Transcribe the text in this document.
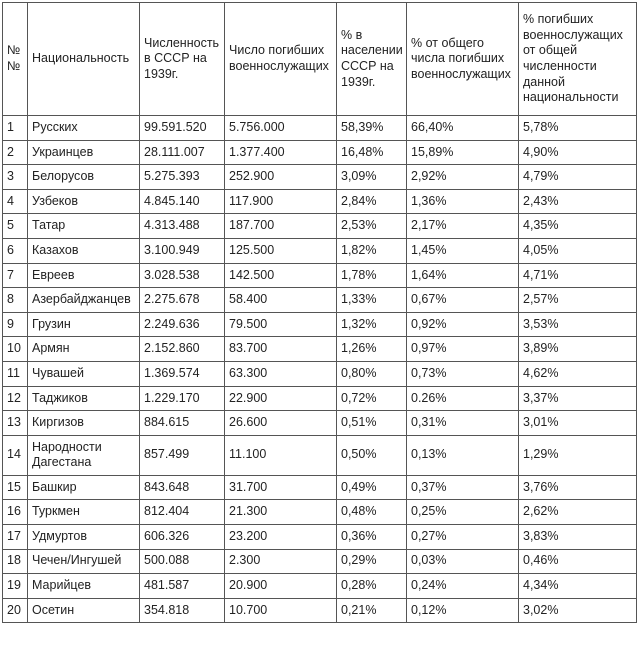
№ №	Национальность	Численность в СССР на 1939г.	Число погибших военнослужащих	% в населении СССР на 1939г.	% от общего числа погибших военнослужащих	% погибших военнослужащих от общей численности данной национальности
1	Русских	99.591.520	5.756.000	58,39%	66,40%	5,78%
2	Украинцев	28.111.007	1.377.400	16,48%	15,89%	4,90%
3	Белорусов	5.275.393	252.900	3,09%	2,92%	4,79%
4	Узбеков	4.845.140	117.900	2,84%	1,36%	2,43%
5	Татар	4.313.488	187.700	2,53%	2,17%	4,35%
6	Казахов	3.100.949	125.500	1,82%	1,45%	4,05%
7	Евреев	3.028.538	142.500	1,78%	1,64%	4,71%
8	Азербайджанцев	2.275.678	58.400	1,33%	0,67%	2,57%
9	Грузин	2.249.636	79.500	1,32%	0,92%	3,53%
10	Армян	2.152.860	83.700	1,26%	0,97%	3,89%
11	Чувашей	1.369.574	63.300	0,80%	0,73%	4,62%
12	Таджиков	1.229.170	22.900	0,72%	0.26%	3,37%
13	Киргизов	884.615	26.600	0,51%	0,31%	3,01%
14	Народности Дагестана	857.499	11.100	0,50%	0,13%	1,29%
15	Башкир	843.648	31.700	0,49%	0,37%	3,76%
16	Туркмен	812.404	21.300	0,48%	0,25%	2,62%
17	Удмуртов	606.326	23.200	0,36%	0,27%	3,83%
18	Чечен/Ингушей	500.088	2.300	0,29%	0,03%	0,46%
19	Марийцев	481.587	20.900	0,28%	0,24%	4,34%
20	Осетин	354.818	10.700	0,21%	0,12%	3,02%
